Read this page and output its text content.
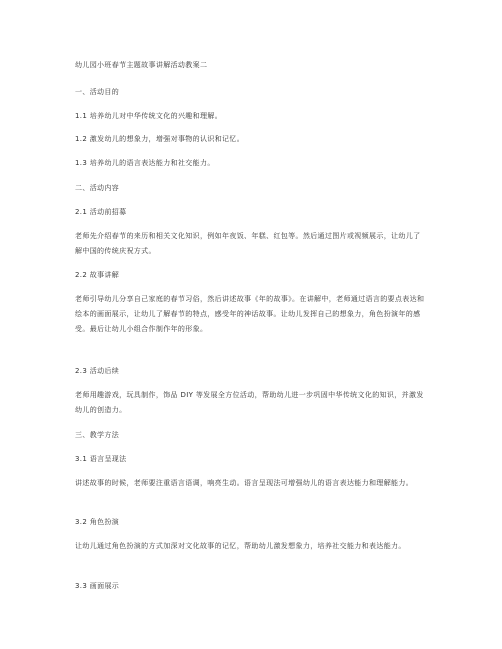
幼儿园小班春节主题故事讲解活动教案二
一、活动目的
1.1 培养幼儿对中华传统文化的兴趣和理解。
1.2 激发幼儿的想象力，增强对事物的认识和记忆。
1.3 培养幼儿的语言表达能力和社交能力。
二、活动内容
2.1 活动前招募
老师先介绍春节的来历和相关文化知识，例如年夜饭、年糕、红包等。然后通过图片或视频展示，让幼儿了解中国的传统庆祝方式。
2.2 故事讲解
老师引导幼儿分享自己家庭的春节习俗，然后讲述故事《年的故事》。在讲解中，老师通过语言的要点表达和绘本的画面展示，让幼儿了解春节的特点，感受年的神话故事。让幼儿发挥自己的想象力，角色扮演年的感受。最后让幼儿小组合作制作年的形象。
2.3 活动后续
老师用趣游戏，玩具制作，饰品 DIY 等发展全方位活动，帮助幼儿进一步巩固中华传统文化的知识，并激发幼儿的创造力。
三、教学方法
3.1 语言呈现法
讲述故事的时候，老师要注重语言语调，响亮生动。语言呈现法可增强幼儿的语言表达能力和理解能力。
3.2 角色扮演
让幼儿通过角色扮演的方式加深对文化故事的记忆，帮助幼儿激发想象力，培养社交能力和表达能力。
3.3 画面展示
